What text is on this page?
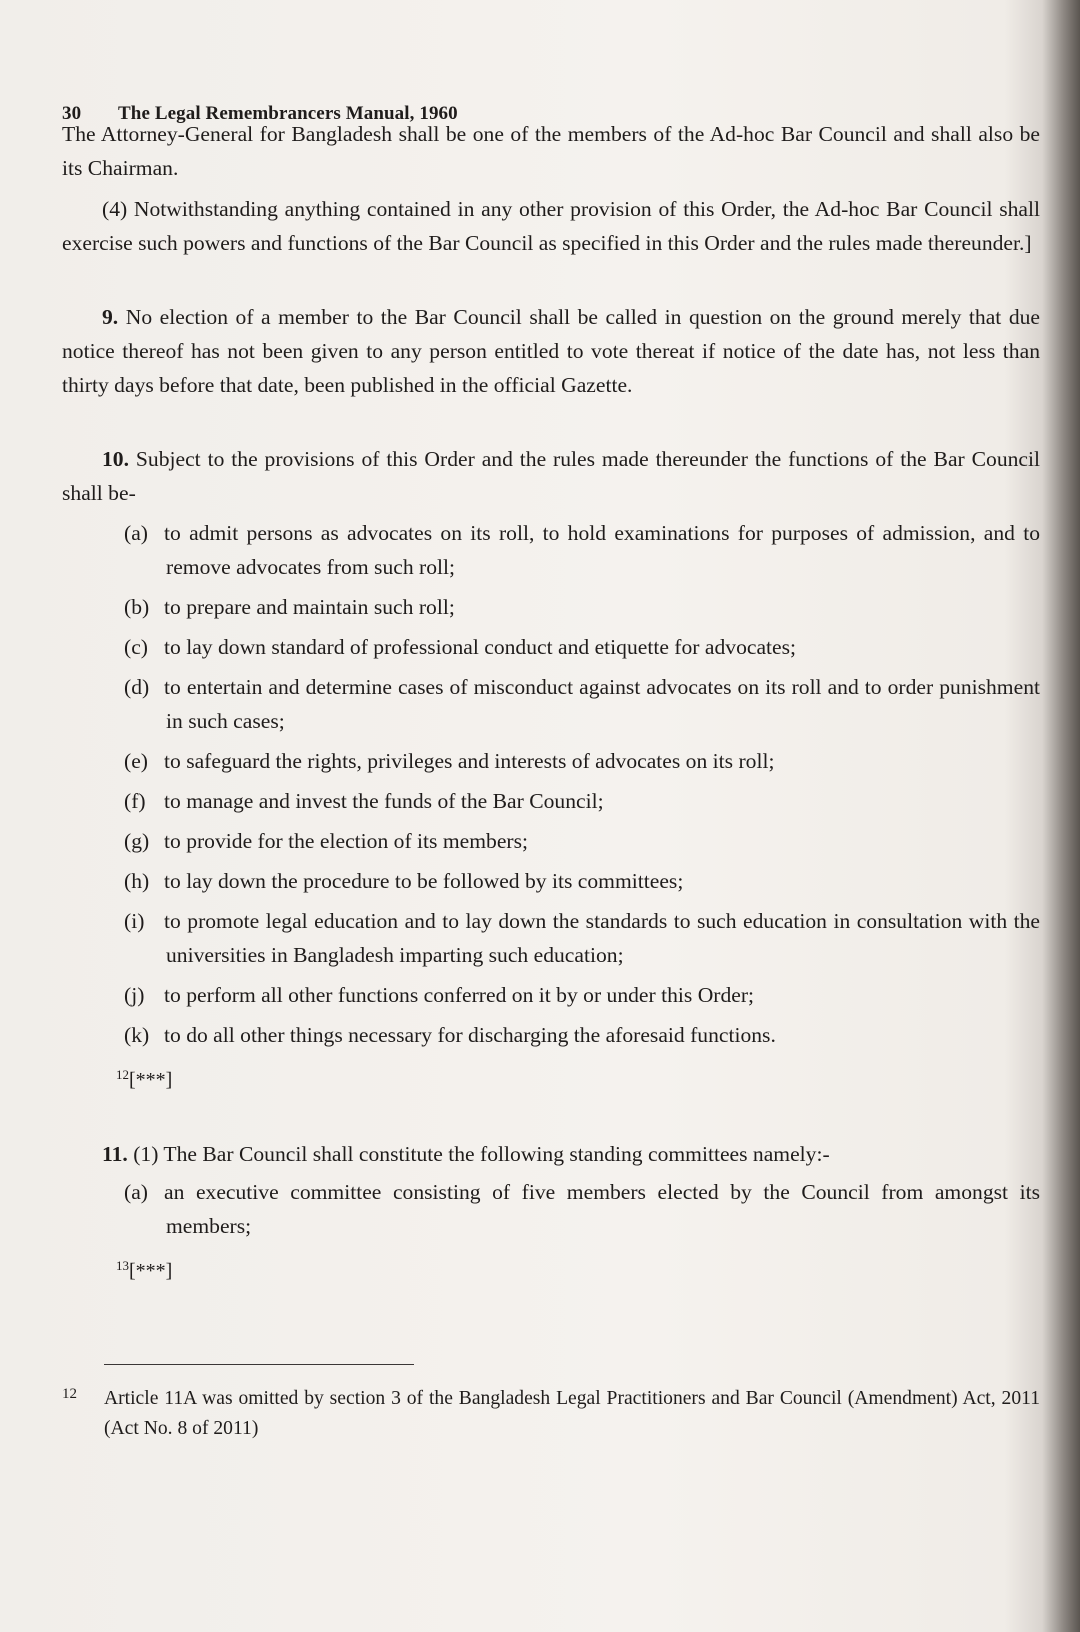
30 The Legal Remembrancers Manual, 1960

The Attorney-General for Bangladesh shall be one of the members of the Ad-hoc Bar Council and shall also be its Chairman.

(4) Notwithstanding anything contained in any other provision of this Order, the Ad-hoc Bar Council shall exercise such powers and functions of the Bar Council as specified in this Order and the rules made thereunder.]

9. No election of a member to the Bar Council shall be called in question on the ground merely that due notice thereof has not been given to any person entitled to vote thereat if notice of the date has, not less than thirty days before that date, been published in the official Gazette.

10. Subject to the provisions of this Order and the rules made thereunder the functions of the Bar Council shall be-

(a) to admit persons as advocates on its roll, to hold examinations for purposes of admission, and to remove advocates from such roll;
(b) to prepare and maintain such roll;
(c) to lay down standard of professional conduct and etiquette for advocates;
(d) to entertain and determine cases of misconduct against advocates on its roll and to order punishment in such cases;
(e) to safeguard the rights, privileges and interests of advocates on its roll;
(f) to manage and invest the funds of the Bar Council;
(g) to provide for the election of its members;
(h) to lay down the procedure to be followed by its committees;
(i) to promote legal education and to lay down the standards to such education in consultation with the universities in Bangladesh imparting such education;
(j) to perform all other functions conferred on it by or under this Order;
(k) to do all other things necessary for discharging the aforesaid functions.
$^{12}$[***]

11. (1) The Bar Council shall constitute the following standing committees namely:-

(a) an executive committee consisting of five members elected by the Council from amongst its members;
$^{13}$[***]
12 Article 11A was omitted by section 3 of the Bangladesh Legal Practitioners and Bar Council (Amendment) Act, 2011 (Act No. 8 of 2011)
